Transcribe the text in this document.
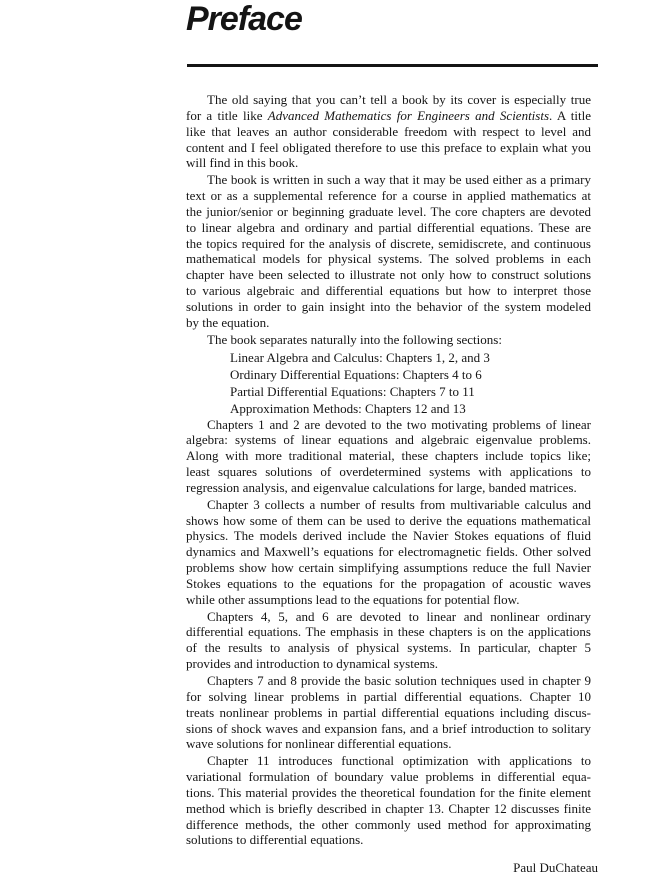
Preface
The old saying that you can’t tell a book by its cover is especially true
for a title like Advanced Mathematics for Engineers and Scientists. A title
like that leaves an author considerable freedom with respect to level and
content and I feel obligated therefore to use this preface to explain what you
will find in this book.
The book is written in such a way that it may be used either as a primary
text or as a supplemental reference for a course in applied mathematics at
the junior/senior or beginning graduate level. The core chapters are devoted
to linear algebra and ordinary and partial differential equations. These are
the topics required for the analysis of discrete, semidiscrete, and continuous
mathematical models for physical systems. The solved problems in each
chapter have been selected to illustrate not only how to construct solutions
to various algebraic and differential equations but how to interpret those
solutions in order to gain insight into the behavior of the system modeled
by the equation.
The book separates naturally into the following sections:
Linear Algebra and Calculus: Chapters 1, 2, and 3
Ordinary Differential Equations: Chapters 4 to 6
Partial Differential Equations: Chapters 7 to 11
Approximation Methods: Chapters 12 and 13
Chapters 1 and 2 are devoted to the two motivating problems of linear
algebra: systems of linear equations and algebraic eigenvalue problems.
Along with more traditional material, these chapters include topics like;
least squares solutions of overdetermined systems with applications to
regression analysis, and eigenvalue calculations for large, banded matrices.
Chapter 3 collects a number of results from multivariable calculus and
shows how some of them can be used to derive the equations mathematical
physics. The models derived include the Navier Stokes equations of fluid
dynamics and Maxwell’s equations for electromagnetic fields. Other solved
problems show how certain simplifying assumptions reduce the full Navier
Stokes equations to the equations for the propagation of acoustic waves
while other assumptions lead to the equations for potential flow.
Chapters 4, 5, and 6 are devoted to linear and nonlinear ordinary
differential equations. The emphasis in these chapters is on the applications
of the results to analysis of physical systems. In particular, chapter 5
provides and introduction to dynamical systems.
Chapters 7 and 8 provide the basic solution techniques used in chapter 9
for solving linear problems in partial differential equations. Chapter 10
treats nonlinear problems in partial differential equations including discus-
sions of shock waves and expansion fans, and a brief introduction to solitary
wave solutions for nonlinear differential equations.
Chapter 11 introduces functional optimization with applications to
variational formulation of boundary value problems in differential equa-
tions. This material provides the theoretical foundation for the finite element
method which is briefly described in chapter 13. Chapter 12 discusses finite
difference methods, the other commonly used method for approximating
solutions to differential equations.
Paul DuChateau
